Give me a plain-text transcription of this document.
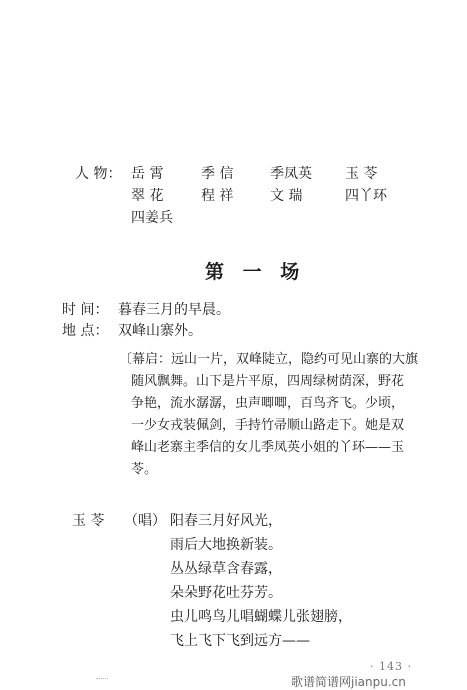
人 物： 岳 霄	季 信	季凤英 玉 苓
翠 花	程 祥	文 瑞	四丫环
四姜兵
第 一 场
时 间： 暮春三月的早晨。
地 点： 双峰山寨外。
〔幕启：远山一片，双峰陡立，隐约可见山寨的大旗
随风飘舞。山下是片平原，四周绿树荫深，野花
争艳，流水潺潺，虫声唧唧，百鸟齐飞。少顷，
一少女戎装佩剑，手持竹帚顺山路走下。她是双
峰山老寨主季信的女儿季凤英小姐的丫环——玉
苓。
玉 苓 （唱） 阳春三月好风光，
雨后大地换新装。
丛丛绿草含春露，
朵朵野花吐芬芳。
虫儿鸣鸟儿唱蝴蝶儿张翅膀，
飞上飞下飞到远方——
· 143 ·
歌谱简谱网jianpu.cn
